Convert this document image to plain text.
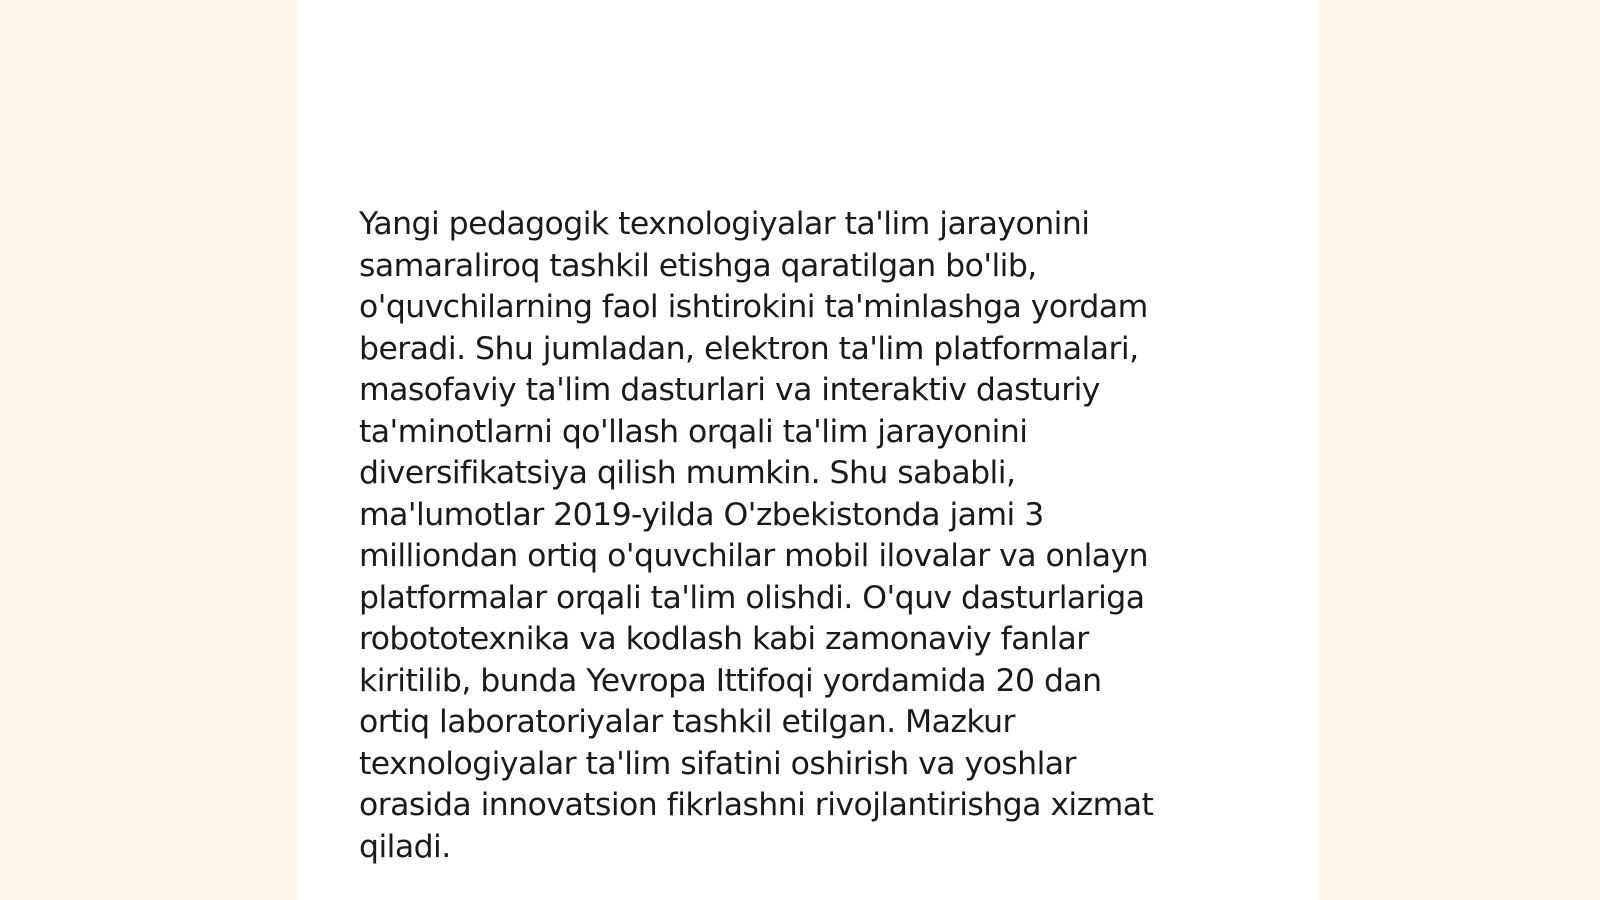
Yangi pedagogik texnologiyalar ta'lim jarayonini
samaraliroq tashkil etishga qaratilgan bo'lib,
o'quvchilarning faol ishtirokini ta'minlashga yordam
beradi. Shu jumladan, elektron ta'lim platformalari,
masofaviy ta'lim dasturlari va interaktiv dasturiy
ta'minotlarni qo'llash orqali ta'lim jarayonini
diversifikatsiya qilish mumkin. Shu sababli,
ma'lumotlar 2019-yilda O'zbekistonda jami 3
milliondan ortiq o'quvchilar mobil ilovalar va onlayn
platformalar orqali ta'lim olishdi. O'quv dasturlariga
robototexnika va kodlash kabi zamonaviy fanlar
kiritilib, bunda Yevropa Ittifoqi yordamida 20 dan
ortiq laboratoriyalar tashkil etilgan. Mazkur
texnologiyalar ta'lim sifatini oshirish va yoshlar
orasida innovatsion fikrlashni rivojlantirishga xizmat
qiladi.
